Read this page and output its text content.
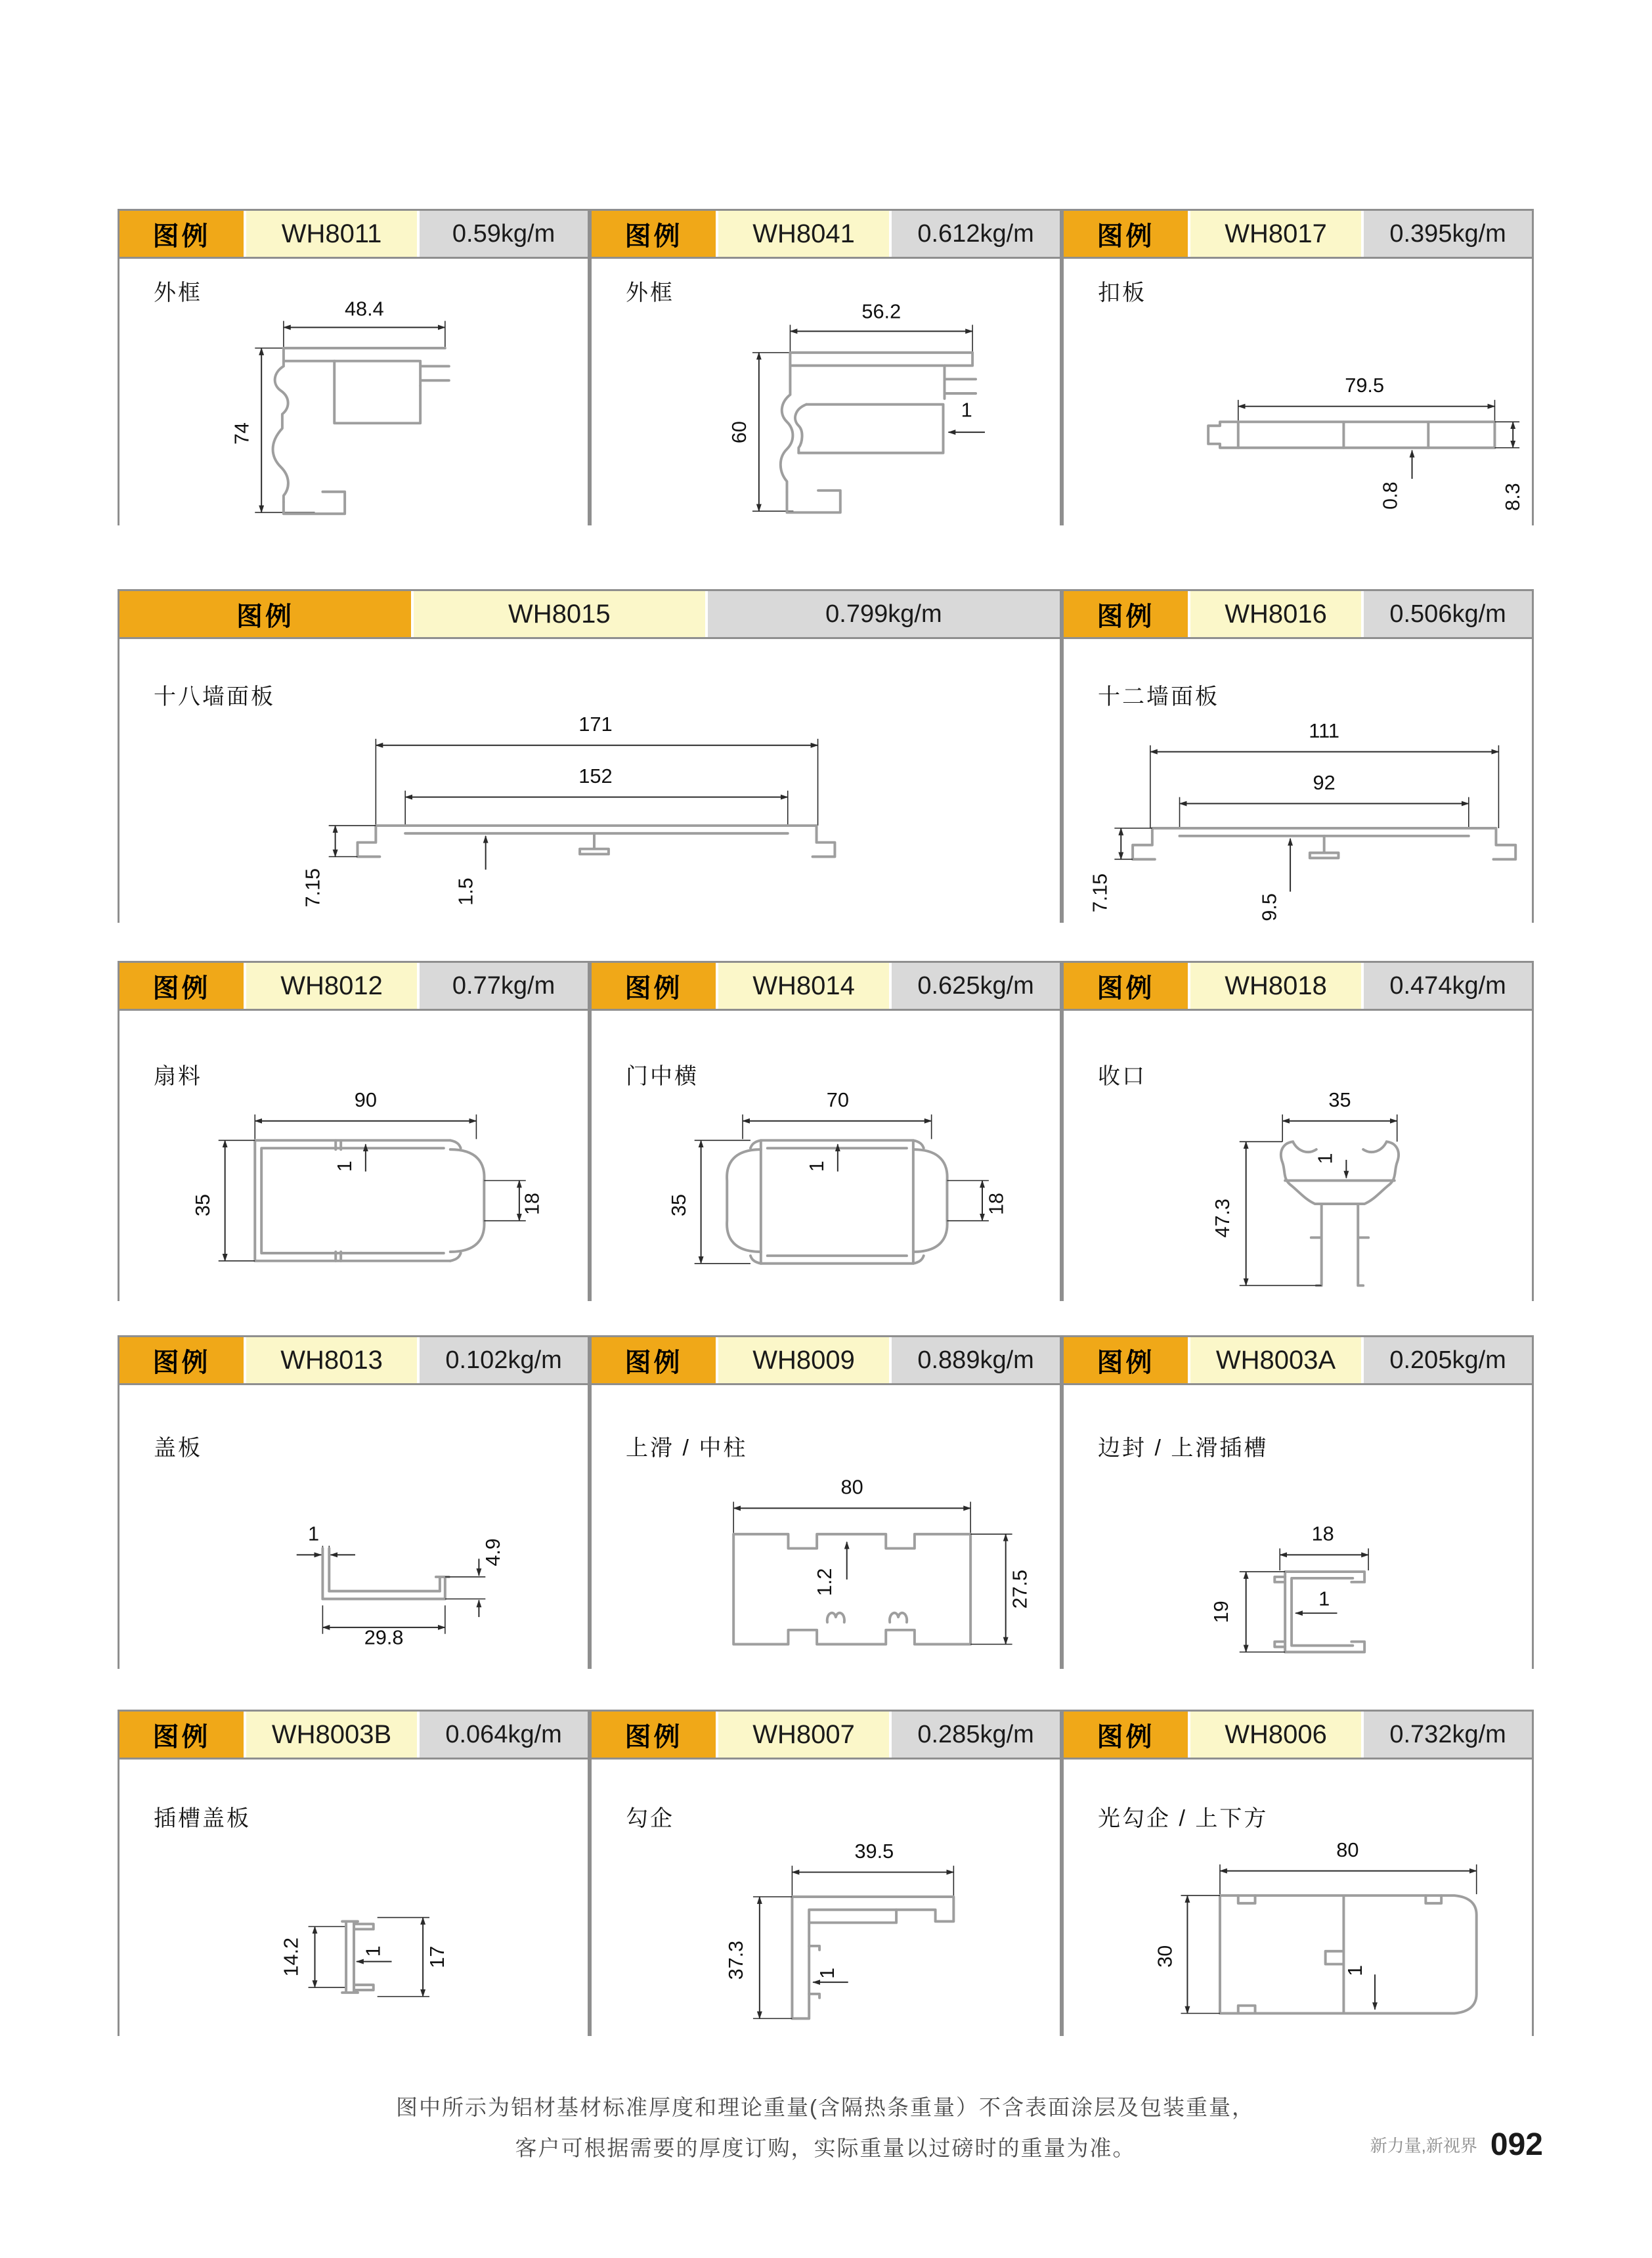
图例	WH8011	0.59kg/m
外框
48.4
74
图例	WH8041	0.612kg/m
外框
56.2
60
1
图例	WH8017	0.395kg/m
扣板
79.5
0.8	8.3
图例	WH8015	0.799kg/m
十八墙面板
171
152
7.15	1.5
图例	WH8016	0.506kg/m
十二墙面板
111
92
7.15	9.5
图例	WH8012	0.77kg/m
扇料
90
1
35	18
图例	WH8014	0.625kg/m
门中横
70
1
35	18
图例	WH8018	0.474kg/m
收口
35
1
47.3
图例	WH8013	0.102kg/m
盖板
1
4.9
29.8
图例	WH8009	0.889kg/m
上滑 / 中柱
80
1.2	27.5
图例	WH8003A	0.205kg/m
边封 / 上滑插槽
18
1
19
图例	WH8003B	0.064kg/m
插槽盖板
14.2	1 17
图例	WH8007	0.285kg/m
勾企
39.5
37.3	1
图例	WH8006	0.732kg/m
光勾企 / 上下方
80
30
1
图中所示为铝材基材标准厚度和理论重量(含隔热条重量）不含表面涂层及包装重量，
客户可根据需要的厚度订购，实际重量以过磅时的重量为准。	新力量,新视界 092
